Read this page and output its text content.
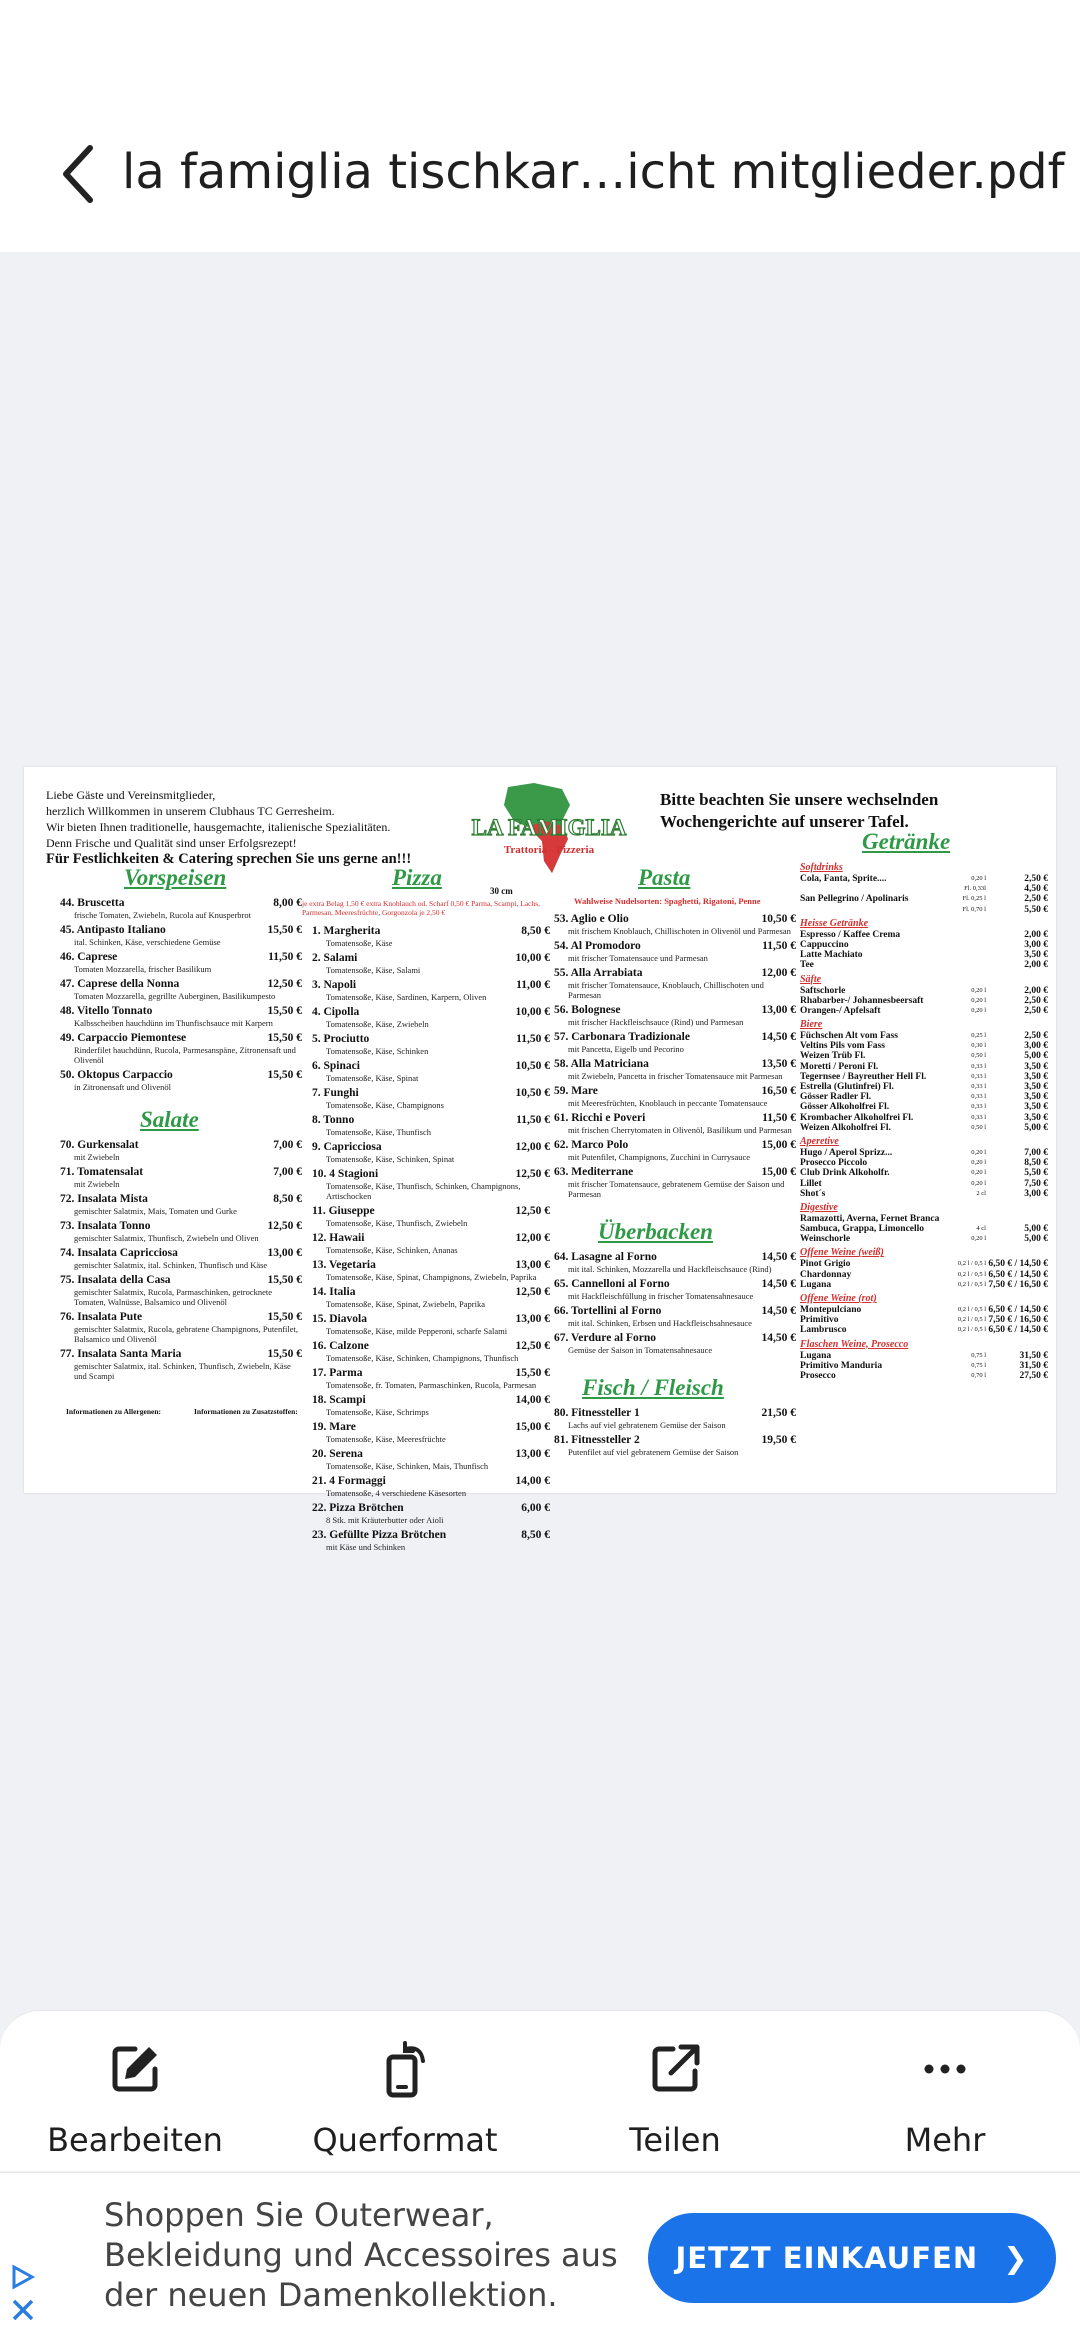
la famiglia tischkar…icht mitglieder.pdf
Liebe Gäste und Vereinsmitglieder,
herzlich Willkommen in unserem Clubhaus TC Gerresheim.
Wir bieten Ihnen traditionelle, hausgemachte, italienische Spezialitäten.
Denn Frische und Qualität sind unser Erfolgsrezept!
Für Festlichkeiten & Catering sprechen Sie uns gerne an!!!
LA FAMIGLIA
Trattoria - Pizzeria
Bitte beachten Sie unsere wechselnden Wochengerichte auf unserer Tafel.
Vorspeisen
44. Bruscetta	8,00 €
frische Tomaten, Zwiebeln, Rucola auf Knusperbrot
45. Antipasto Italiano	15,50 €
ital. Schinken, Käse, verschiedene Gemüse
46. Caprese	11,50 €
Tomaten Mozzarella, frischer Basilikum
47. Caprese della Nonna	12,50 €
Tomaten Mozzarella, gegrillte Auberginen, Basilikumpesto
48. Vitello Tonnato	15,50 €
Kalbsscheiben hauchdünn im Thunfischsauce mit Karpern
49. Carpaccio Piemontese	15,50 €
Rinderfilet hauchdünn, Rucola, Parmesanspäne, Zitronensaft und Olivenöl
50. Oktopus Carpaccio	15,50 €
in Zitronensaft und Olivenöl
Salate
70. Gurkensalat	7,00 €
mit Zwiebeln
71. Tomatensalat	7,00 €
mit Zwiebeln
72. Insalata Mista	8,50 €
gemischter Salatmix, Mais, Tomaten und Gurke
73. Insalata Tonno	12,50 €
gemischter Salatmix, Thunfisch, Zwiebeln und Oliven
74. Insalata Capricciosa	13,00 €
gemischter Salatmix, ital. Schinken, Thunfisch und Käse
75. Insalata della Casa	15,50 €
gemischter Salatmix, Rucola, Parmaschinken, getrocknete Tomaten, Walnüsse, Balsamico und Olivenöl
76. Insalata Pute	15,50 €
gemischter Salatmix, Rucola, gebratene Champignons, Putenfilet, Balsamico und Olivenöl
77. Insalata Santa Maria	15,50 €
gemischter Salatmix, ital. Schinken, Thunfisch, Zwiebeln, Käse und Scampi
Informationen zu Allergenen:	Informationen zu Zusatzstoffen:
Pizza
30 cm
je extra Belag 1,50 € extra Knoblauch od. Scharf 0,50 € Parma, Scampi, Lachs, Parmesan, Meeresfrüchte, Gorgonzola je 2,50 €
1. Margherita	8,50 €
Tomatensoße, Käse
2. Salami	10,00 €
Tomatensoße, Käse, Salami
3. Napoli	11,00 €
Tomatensoße, Käse, Sardinen, Karpern, Oliven
4. Cipolla	10,00 €
Tomatensoße, Käse, Zwiebeln
5. Prociutto	11,50 €
Tomatensoße, Käse, Schinken
6. Spinaci	10,50 €
Tomatensoße, Käse, Spinat
7. Funghi	10,50 €
Tomatensoße, Käse, Champignons
8. Tonno	11,50 €
Tomatensoße, Käse, Thunfisch
9. Capricciosa	12,00 €
Tomatensoße, Käse, Schinken, Spinat
10. 4 Stagioni	12,50 €
Tomatensoße, Käse, Thunfisch, Schinken, Champignons, Artischocken
11. Giuseppe	12,50 €
Tomatensoße, Käse, Thunfisch, Zwiebeln
12. Hawaii	12,00 €
Tomatensoße, Käse, Schinken, Ananas
13. Vegetaria	13,00 €
Tomatensoße, Käse, Spinat, Champignons, Zwiebeln, Paprika
14. Italia	12,50 €
Tomatensoße, Käse, Spinat, Zwiebeln, Paprika
15. Diavola	13,00 €
Tomatensoße, Käse, milde Pepperoni, scharfe Salami
16. Calzone	12,50 €
Tomatensoße, Käse, Schinken, Champignons, Thunfisch
17. Parma	15,50 €
Tomatensoße, fr. Tomaten, Parmaschinken, Rucola, Parmesan
18. Scampi	14,00 €
Tomatensoße, Käse, Schrimps
19. Mare	15,00 €
Tomatensoße, Käse, Meeresfrüchte
20. Serena	13,00 €
Tomatensoße, Käse, Schinken, Mais, Thunfisch
21. 4 Formaggi	14,00 €
Tomatensoße, 4 verschiedene Käsesorten
22. Pizza Brötchen	6,00 €
8 Stk. mit Kräuterbutter oder Aioli
23. Gefüllte Pizza Brötchen	8,50 €
mit Käse und Schinken
Pasta
Wahlweise Nudelsorten: Spaghetti, Rigatoni, Penne
53. Aglio e Olio	10,50 €
mit frischem Knoblauch, Chillischoten in Olivenöl und Parmesan
54. Al Promodoro	11,50 €
mit frischer Tomatensauce und Parmesan
55. Alla Arrabiata	12,00 €
mit frischer Tomatensauce, Knoblauch, Chillischoten und Parmesan
56. Bolognese	13,00 €
mit frischer Hackfleischsauce (Rind) und Parmesan
57. Carbonara Tradizionale	14,50 €
mit Pancetta, Eigelb und Pecorino
58. Alla Matriciana	13,50 €
mit Zwiebeln, Pancetta in frischer Tomatensauce mit Parmesan
59. Mare	16,50 €
mit Meeresfrüchten, Knoblauch in peccante Tomatensauce
61. Ricchi e Poveri	11,50 €
mit frischen Cherrytomaten in Olivenöl, Basilikum und Parmesan
62. Marco Polo	15,00 €
mit Putenfilet, Champignons, Zucchini in Currysauce
63. Mediterrane	15,00 €
mit frischer Tomatensauce, gebratenem Gemüse der Saison und Parmesan
Überbacken
64. Lasagne al Forno	14,50 €
mit ital. Schinken, Mozzarella und Hackfleischsauce (Rind)
65. Cannelloni al Forno	14,50 €
mit Hackfleischfüllung in frischer Tomatensahnesauce
66. Tortellini al Forno	14,50 €
mit ital. Schinken, Erbsen und Hackfleischsahnesauce
67. Verdure al Forno	14,50 €
Gemüse der Saison in Tomatensahnesauce
Fisch / Fleisch
80. Fitnessteller 1	21,50 €
Lachs auf viel gebratenem Gemüse der Saison
81. Fitnessteller 2	19,50 €
Putenfilet auf viel gebratenem Gemüse der Saison
Getränke
Softdrinks
Cola, Fanta, Sprite....	0,20 l	2,50 €
Fl. 0,33l	4,50 €
San Pellegrino / Apolinaris	Fl. 0,25 l	2,50 €
Fl. 0,70 l	5,50 €
Heisse Getränke
Espresso / Kaffee Crema	2,00 €
Cappuccino	3,00 €
Latte Machiato	3,50 €
Tee	2,00 €
Säfte
Saftschorle	0,20 l	2,00 €
Rhabarber-/ Johannesbeersaft	0,20 l	2,50 €
Orangen-/ Apfelsaft	0,20 l	2,50 €
Biere
Füchschen Alt vom Fass	0,25 l	2,50 €
Veltins Pils vom Fass	0,30 l	3,00 €
Weizen Trüb Fl.	0,50 l	5,00 €
Moretti / Peroni Fl.	0,33 l	3,50 €
Tegernsee / Bayreuther Hell Fl.	0,33 l	3,50 €
Estrella (Glutinfrei) Fl.	0,33 l	3,50 €
Gösser Radler Fl.	0,33 l	3,50 €
Gösser Alkoholfrei Fl.	0,33 l	3,50 €
Krombacher Alkoholfrei Fl.	0,33 l	3,50 €
Weizen Alkoholfrei Fl.	0,50 l	5,00 €
Aperetive
Hugo / Aperol Sprizz...	0,20 l	7,00 €
Prosecco Piccolo	0,20 l	8,50 €
Club Drink Alkoholfr.	0,20 l	5,50 €
Lillet	0,20 l	7,50 €
Shot´s	2 cl	3,00 €
Digestive
Ramazotti, Averna, Fernet Branca
Sambuca, Grappa, Limoncello	4 cl	5,00 €
Weinschorle	0,20 l	5,00 €
Offene Weine (weiß)
Pinot Grigio	0,2 l / 0,5 l 6,50 € / 14,50 €
Chardonnay	0,2 l / 0,5 l 6,50 € / 14,50 €
Lugana	0,2 l / 0,5 l 7,50 € / 16,50 €
Offene Weine (rot)
Montepulciano	0,2 l / 0,5 l 6,50 € / 14,50 €
Primitivo	0,2 l / 0,5 l 7,50 € / 16,50 €
Lambrusco	0,2 l / 0,5 l 6,50 € / 14,50 €
Flaschen Weine, Prosecco
Lugana	0,75 l	31,50 €
Primitivo Manduria	0,75 l	31,50 €
Prosecco	0,70 l	27,50 €
Bearbeiten	Querformat	Teilen	Mehr
Shoppen Sie Outerwear, Bekleidung und Accessoires aus der neuen Damenkollektion.
JETZT EINKAUFEN ❯
